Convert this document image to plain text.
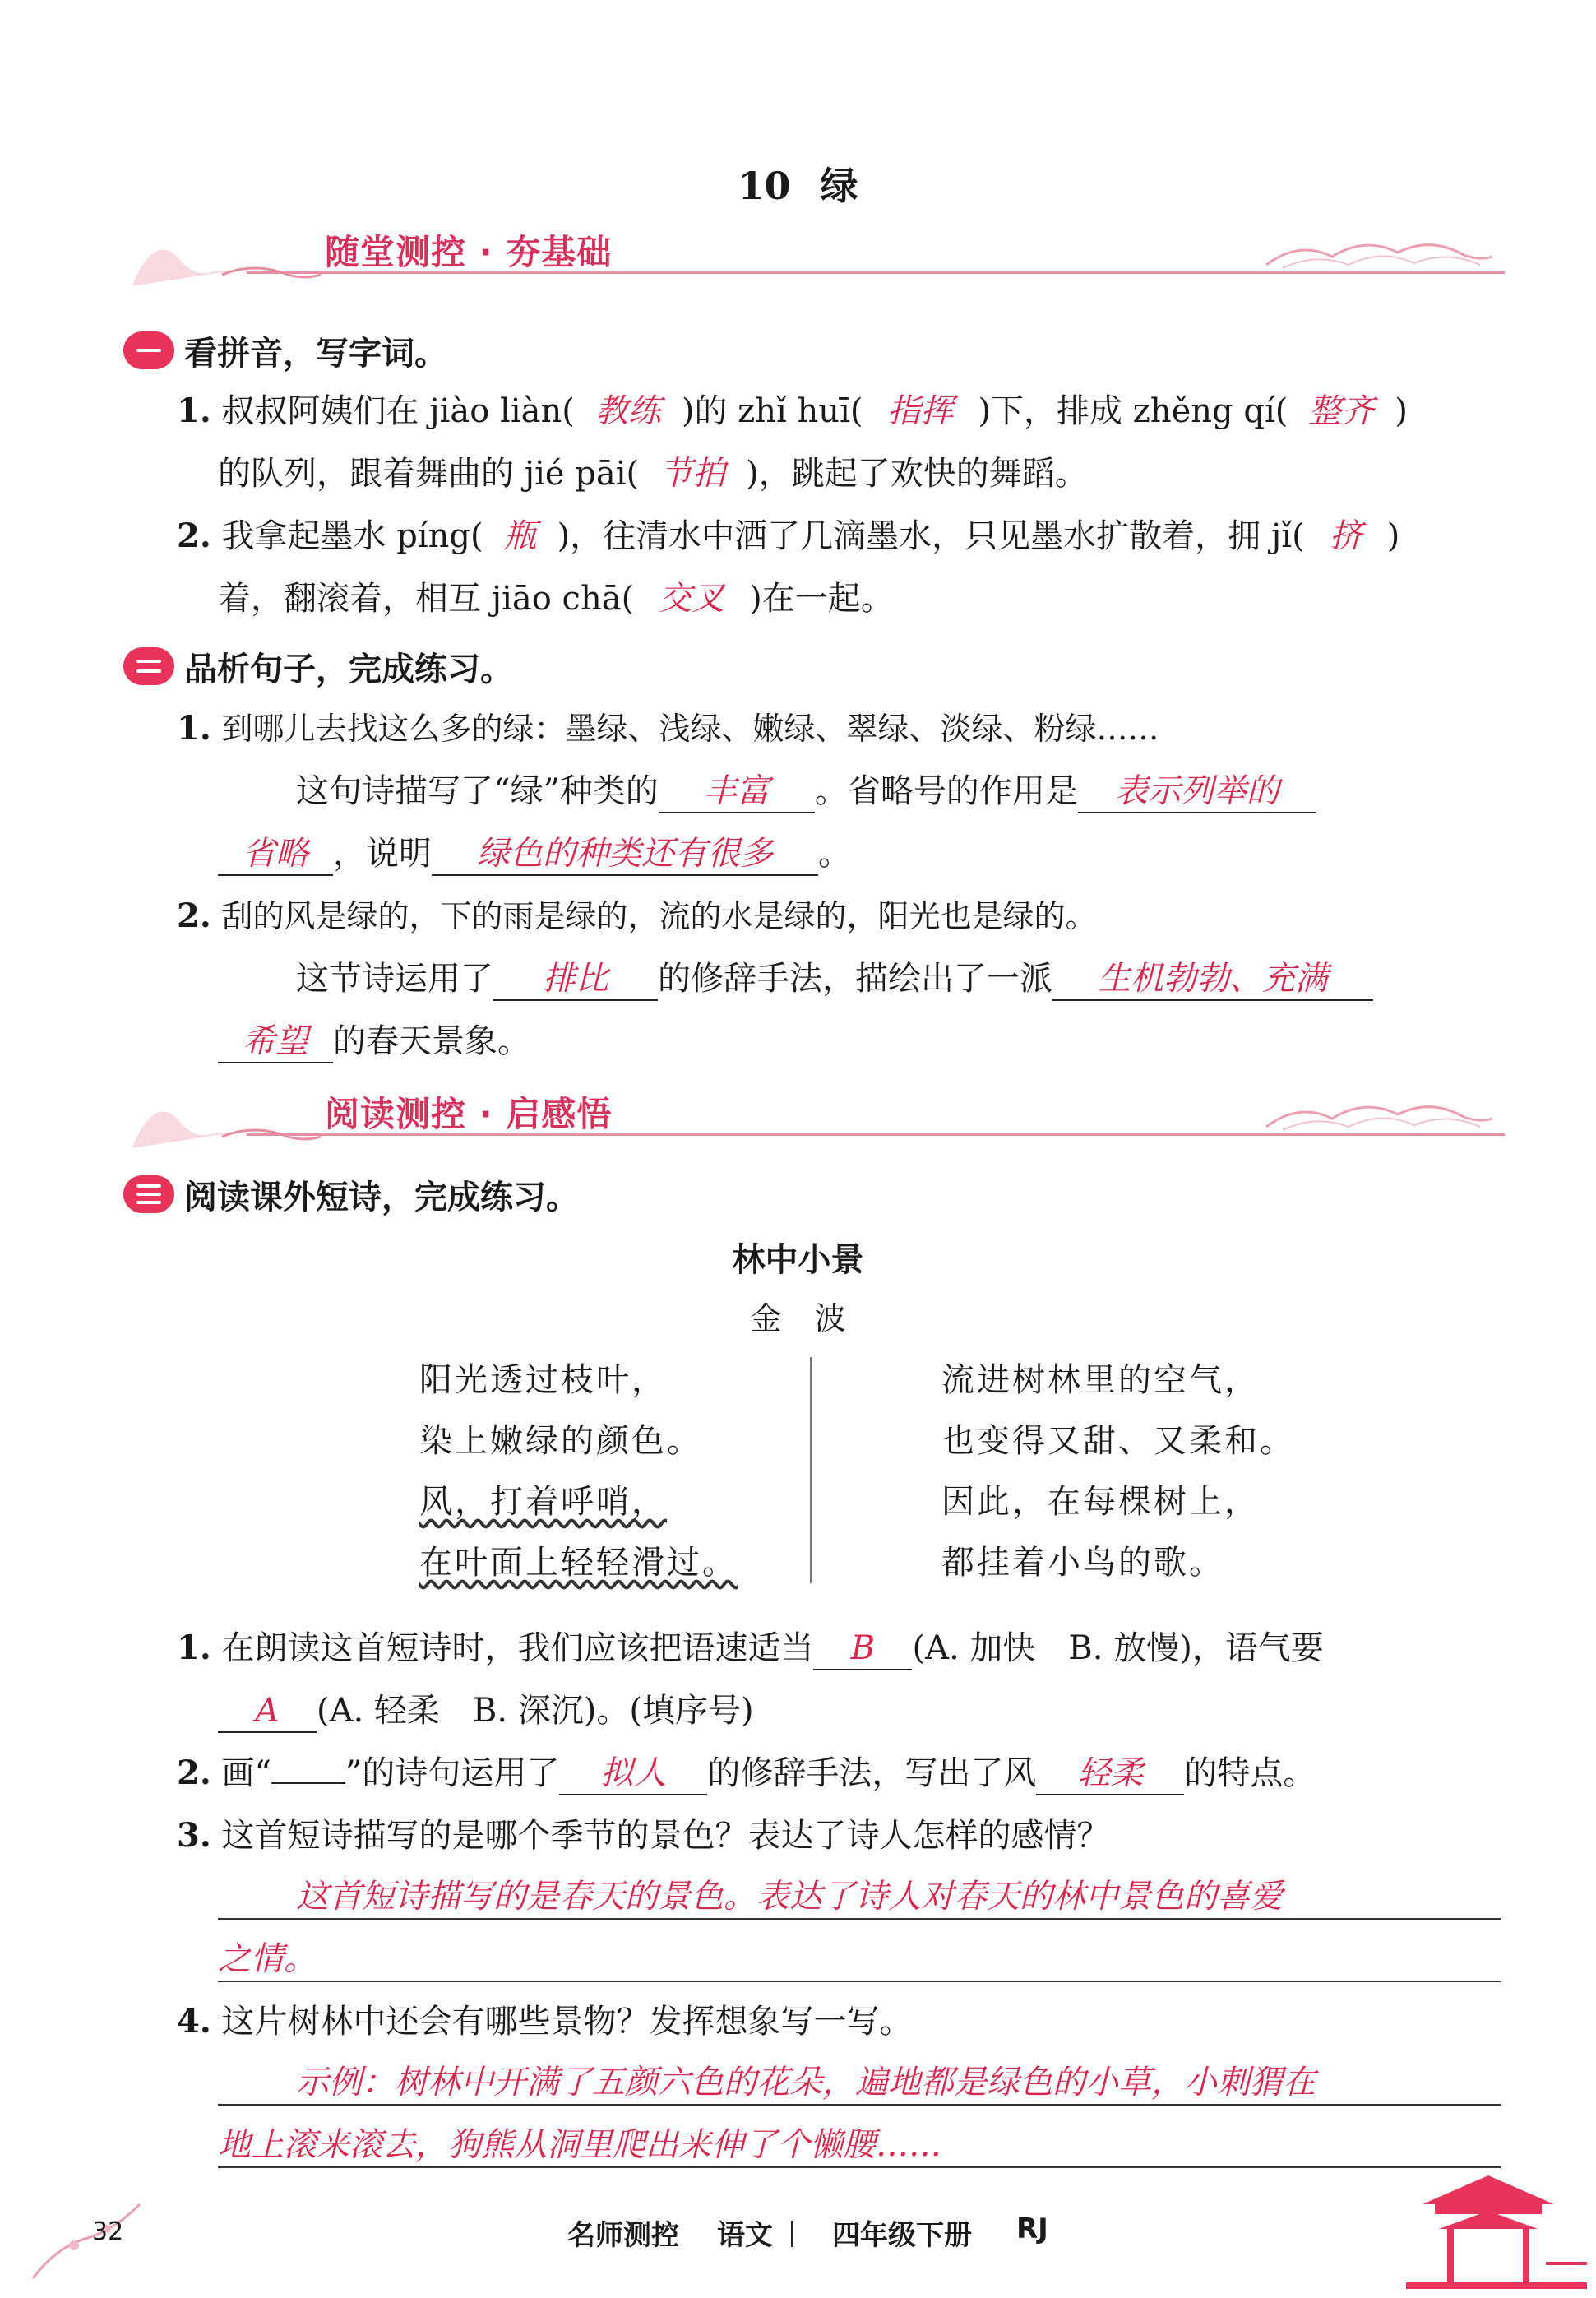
10 绿
随堂测控 · 夯基础
看拼音，写字词。
1. 叔叔阿姨们在 jiào liàn( 教练 )的 zhǐ huī( 指挥 )下，排成 zhěng qí( 整齐 )
的队列，跟着舞曲的 jié pāi( 节拍 )，跳起了欢快的舞蹈。
2. 我拿起墨水 píng( 瓶 )，往清水中洒了几滴墨水，只见墨水扩散着，拥 jǐ( 挤 )
着，翻滚着，相互 jiāo chā( 交叉 )在一起。
品析句子，完成练习。
1. 到哪儿去找这么多的绿：墨绿、浅绿、嫩绿、翠绿、淡绿、粉绿……
这句诗描写了“绿”种类的 丰富 。省略号的作用是 表示列举的
省略 ，说明 绿色的种类还有很多 。
2. 刮的风是绿的，下的雨是绿的，流的水是绿的，阳光也是绿的。
这节诗运用了 排比 的修辞手法，描绘出了一派 生机勃勃、充满
希望 的春天景象。
阅读测控 · 启感悟
阅读课外短诗，完成练习。
林中小景
金波
阳光透过枝叶，
染上嫩绿的颜色。
风，打着呼哨，
在叶面上轻轻滑过。
流进树林里的空气，
也变得又甜、又柔和。
因此，在每棵树上，
都挂着小鸟的歌。
1. 在朗读这首短诗时，我们应该把语速适当 B (A. 加快　B. 放慢)，语气要
A (A. 轻柔　B. 深沉)。(填序号)
2. 画“ ”的诗句运用了 拟人 的修辞手法，写出了风 轻柔 的特点。
3. 这首短诗描写的是哪个季节的景色？表达了诗人怎样的感情？
这首短诗描写的是春天的景色。表达了诗人对春天的林中景色的喜爱
之情。
4. 这片树林中还会有哪些景物？发挥想象写一写。
示例：树林中开满了五颜六色的花朵，遍地都是绿色的小草，小刺猬在
地上滚来滚去，狗熊从洞里爬出来伸了个懒腰……
32	名师测控 语文 四年级下册 RJ
